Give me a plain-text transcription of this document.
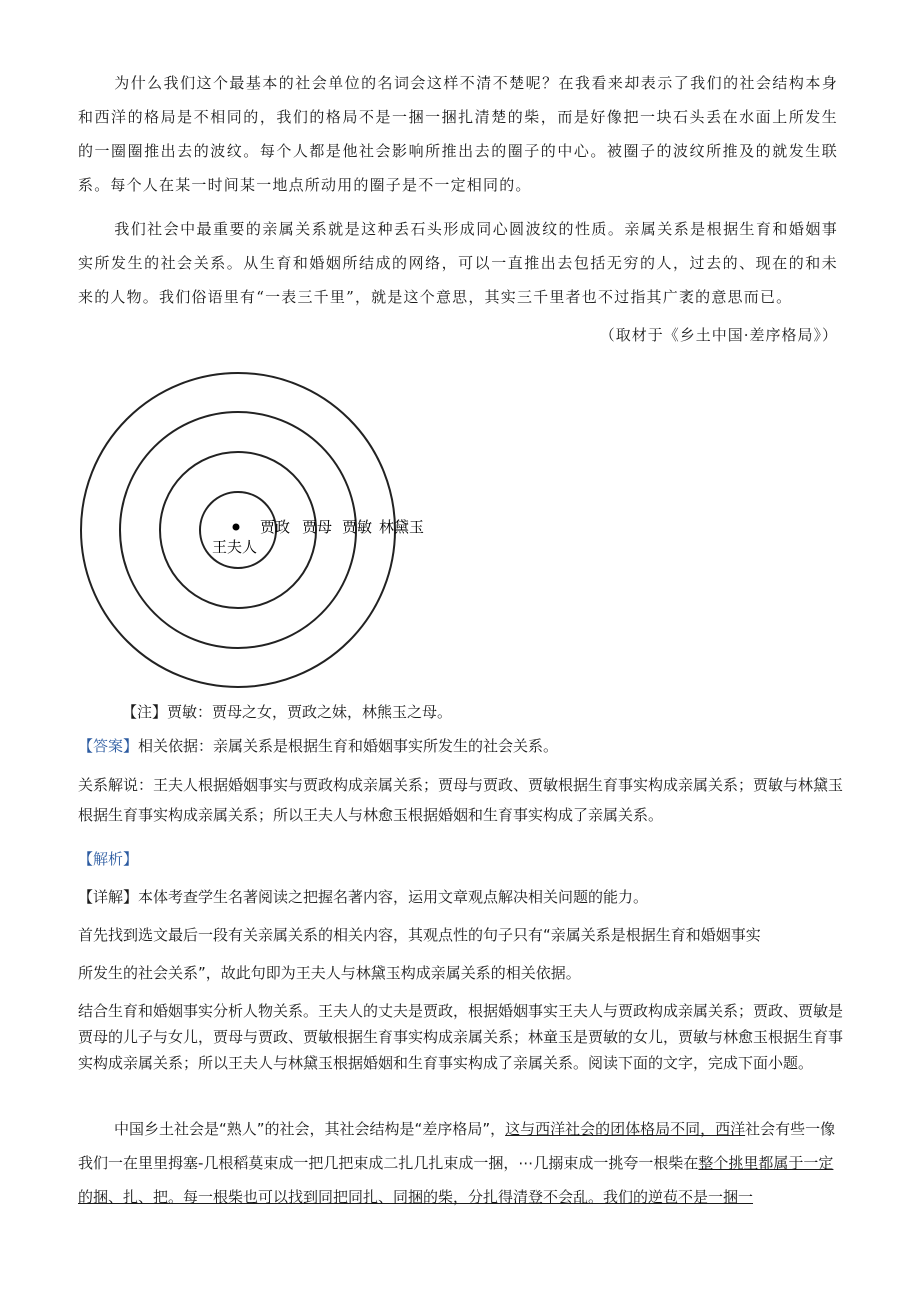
为什么我们这个最基本的社会单位的名词会这样不清不楚呢？在我看来却表示了我们的社会结构本身和西洋的格局是不相同的，我们的格局不是一捆一捆扎清楚的柴，而是好像把一块石头丢在水面上所发生的一圈圈推出去的波纹。每个人都是他社会影响所推出去的圈子的中心。被圈子的波纹所推及的就发生联系。每个人在某一时间某一地点所动用的圈子是不一定相同的。
我们社会中最重要的亲属关系就是这种丢石头形成同心圆波纹的性质。亲属关系是根据生育和婚姻事实所发生的社会关系。从生育和婚姻所结成的网络，可以一直推出去包括无穷的人，过去的、现在的和未来的人物。我们俗语里有“一表三千里”，就是这个意思，其实三千里者也不过指其广袤的意思而已。
（取材于《乡土中国·差序格局》）
王夫人
贾政 贾母 贾敏 林黛玉
【注】贾敏：贾母之女，贾政之妹，林熊玉之母。
【答案】相关依据：亲属关系是根据生育和婚姻事实所发生的社会关系。
关系解说：王夫人根据婚姻事实与贾政构成亲属关系；贾母与贾政、贾敏根据生育事实构成亲属关系；贾敏与林黛玉根据生育事实构成亲属关系；所以王夫人与林愈玉根据婚姻和生育事实构成了亲属关系。
【解析】
【详解】本体考查学生名著阅读之把握名著内容，运用文章观点解决相关问题的能力。
首先找到选文最后一段有关亲属关系的相关内容，其观点性的句子只有“亲属关系是根据生育和婚姻事实
所发生的社会关系”，故此句即为王夫人与林黛玉构成亲属关系的相关依据。
结合生育和婚姻事实分析人物关系。王夫人的丈夫是贾政，根据婚姻事实王夫人与贾政构成亲属关系；贾政、贾敏是贾母的儿子与女儿，贾母与贾政、贾敏根据生育事实构成亲属关系；林童玉是贾敏的女儿，贾敏与林愈玉根据生育事实构成亲属关系；所以王夫人与林黛玉根据婚姻和生育事实构成了亲属关系。阅读下面的文字，完成下面小题。
中国乡土社会是“熟人”的社会，其社会结构是“差序格局”，这与西洋社会的团体格局不同，西洋社会有些一像我们一在里里拇塞-几根稻莫束成一把几把束成二扎几扎束成一捆，⋯几搦束成一挑夸一根柴在整个挑里都属于一定的捆、扎、把。每一根柴也可以找到同把同扎、同捆的柴，分扎得清登不会乱。我们的逆苞不是一捆一
